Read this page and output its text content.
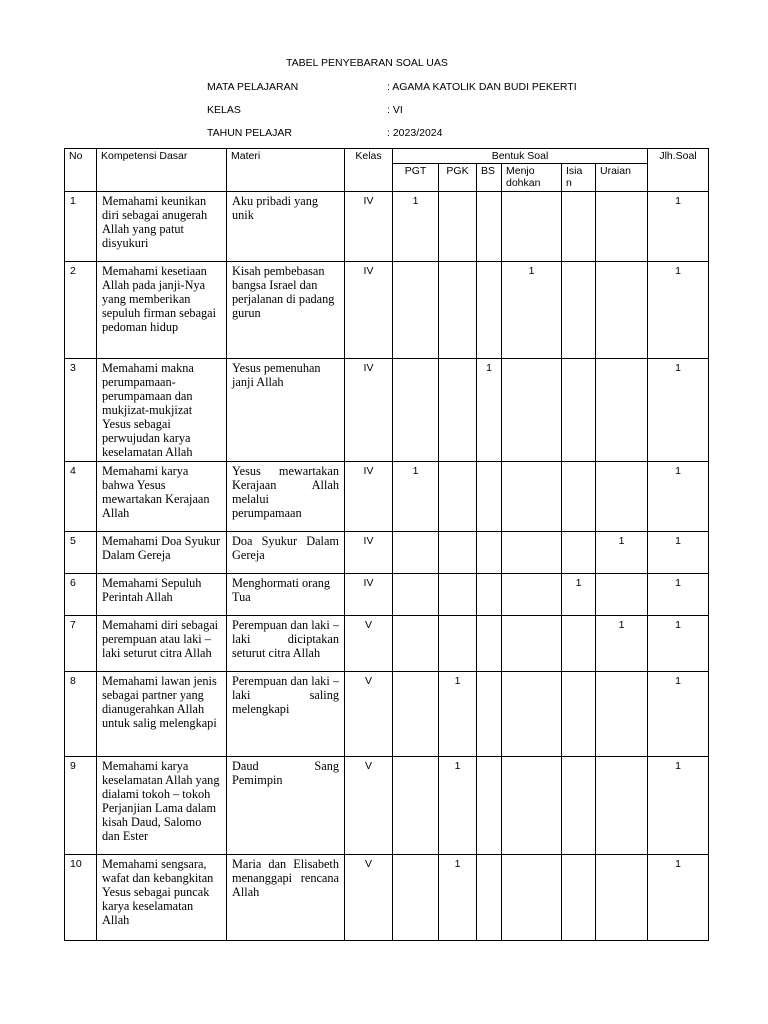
TABEL PENYEBARAN SOAL UAS
MATA PELAJARAN	: AGAMA KATOLIK DAN BUDI PEKERTI
KELAS	: VI
TAHUN PELAJAR	: 2023/2024
No	Kompetensi Dasar	Materi	Kelas	Bentuk Soal						Jlh.Soal
				PGT	PGK	BS	Menjo dohkan	Isia n	Uraian	
1	Memahami keunikan diri sebagai anugerah Allah yang patut disyukuri	Aku pribadi yang unik	IV	1						1
2	Memahami kesetiaan Allah pada janji-Nya yang memberikan sepuluh firman sebagai pedoman hidup	Kisah pembebasan bangsa Israel dan perjalanan di padang gurun	IV				1			1
3	Memahami makna perumpamaan-perumpamaan dan mukjizat-mukjizat Yesus sebagai perwujudan karya keselamatan Allah	Yesus pemenuhan janji Allah	IV			1				1
4	Memahami karya bahwa Yesus mewartakan Kerajaan Allah	Yesus mewartakan Kerajaan Allah melalui perumpamaan	IV	1						1
5	Memahami Doa Syukur Dalam Gereja	Doa Syukur Dalam Gereja	IV						1	1
6	Memahami Sepuluh Perintah Allah	Menghormati orang Tua	IV					1		1
7	Memahami diri sebagai perempuan atau laki – laki seturut citra Allah	Perempuan dan laki – laki diciptakan seturut citra Allah	V						1	1
8	Memahami lawan jenis sebagai partner yang dianugerahkan Allah untuk salig melengkapi	Perempuan dan laki – laki saling melengkapi	V		1					1
9	Memahami karya keselamatan Allah yang dialami tokoh – tokoh Perjanjian Lama dalam kisah Daud, Salomo dan Ester	Daud Sang Pemimpin	V		1					1
10	Memahami sengsara, wafat dan kebangkitan Yesus sebagai puncak karya keselamatan Allah	Maria dan Elisabeth menanggapi rencana Allah	V		1					1
